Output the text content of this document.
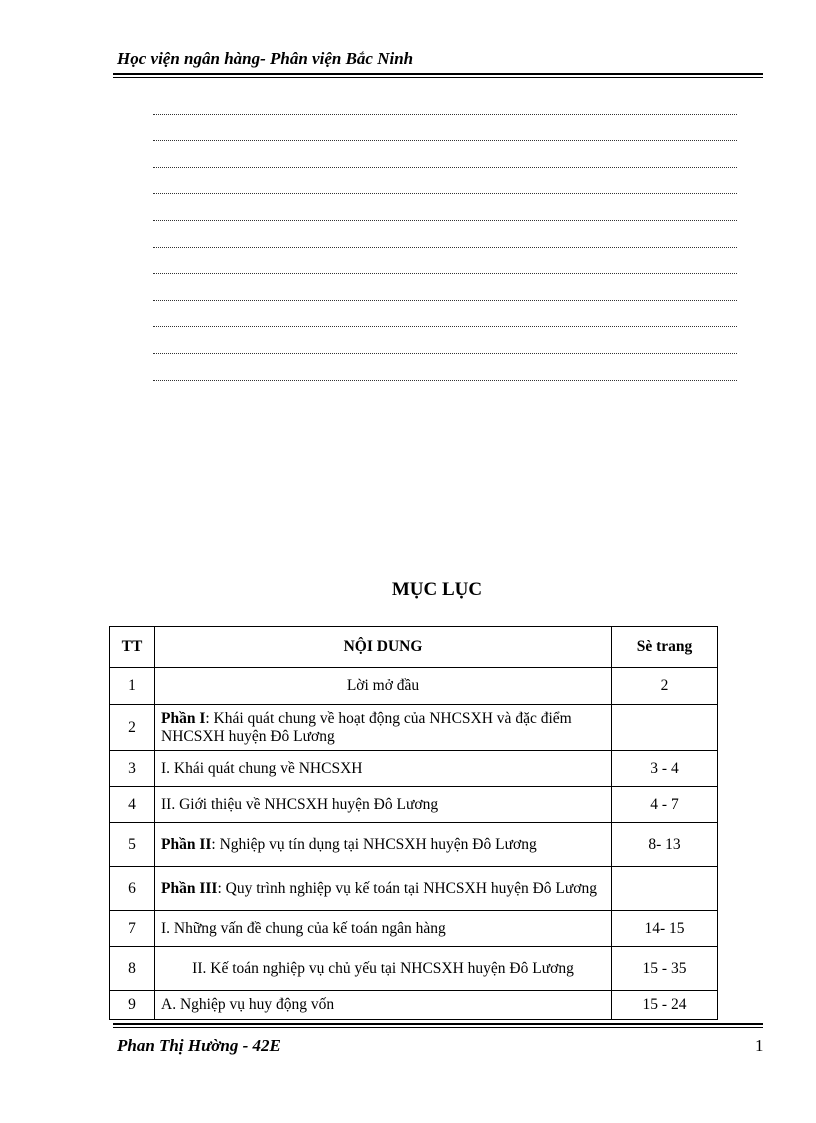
Học viện ngân hàng- Phân viện Bắc Ninh
MỤC LỤC
TT	NỘI DUNG	Sè trang
1	Lời mở đầu	2
2	Phần I: Khái quát chung về hoạt động của NHCSXH và đặc điểm NHCSXH huyện Đô Lương	
3	I. Khái quát chung về NHCSXH	3 - 4
4	II. Giới thiệu về NHCSXH huyện Đô Lương	4 - 7
5	Phần II: Nghiệp vụ tín dụng tại NHCSXH huyện Đô Lương	8- 13
6	Phần III: Quy trình nghiệp vụ kế toán tại NHCSXH huyện Đô Lương	
7	I. Những vấn đề chung của kế toán ngân hàng	14- 15
8	II. Kế toán nghiệp vụ chủ yếu tại NHCSXH huyện Đô Lương	15 - 35
9	A. Nghiệp vụ huy động vốn	15 - 24
Phan Thị Hường - 42E	1
